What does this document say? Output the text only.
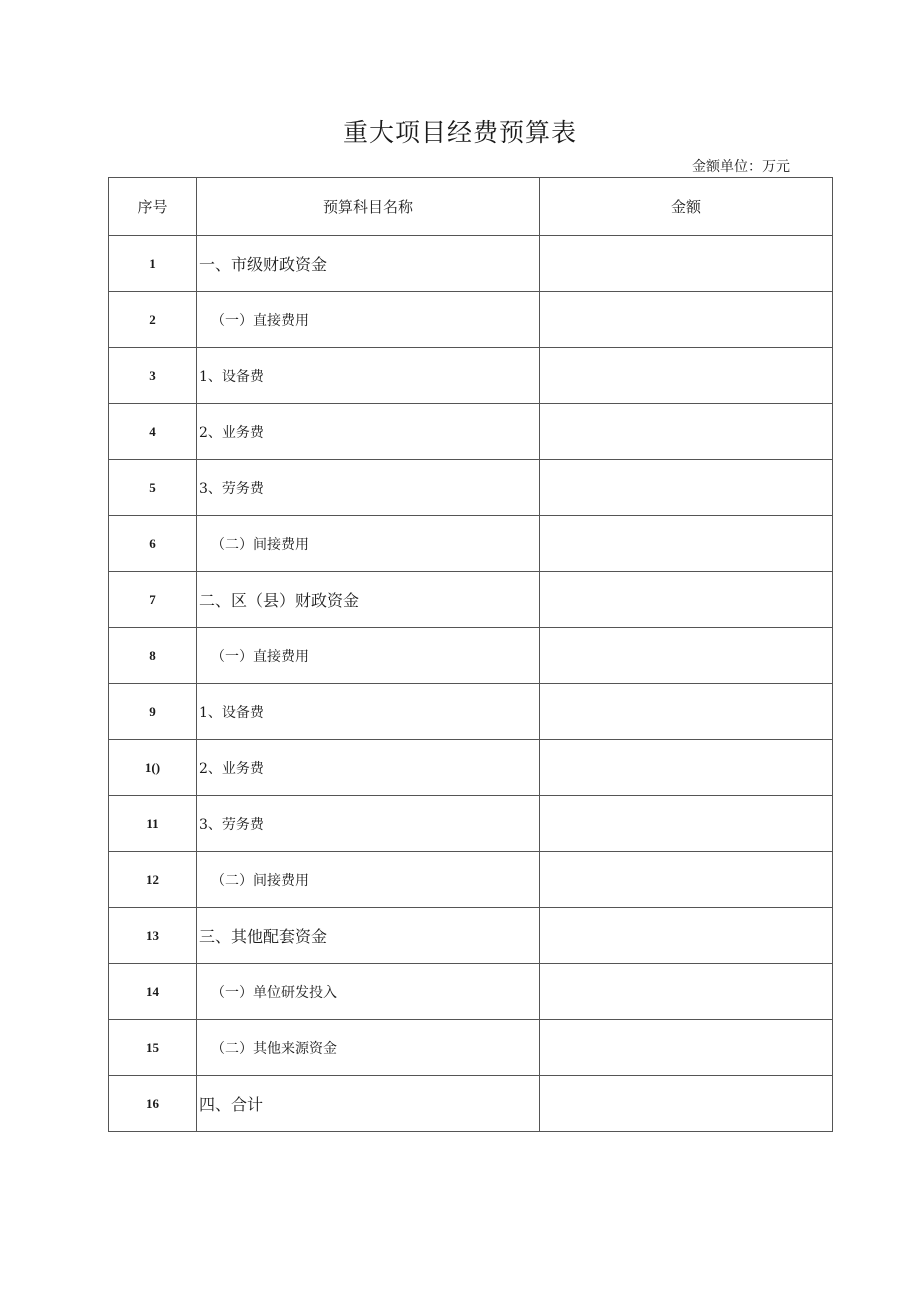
重大项目经费预算表
金额单位：万元
序号	预算科目名称	金额
1	一、市级财政资金	
2	（一）直接费用	
3	1、设备费	
4	2、业务费	
5	3、劳务费	
6	（二）间接费用	
7	二、区（县）财政资金	
8	（一）直接费用	
9	1、设备费	
1()	2、业务费	
11	3、劳务费	
12	（二）间接费用	
13	三、其他配套资金	
14	（一）单位研发投入	
15	（二）其他来源资金	
16	四、合计	
